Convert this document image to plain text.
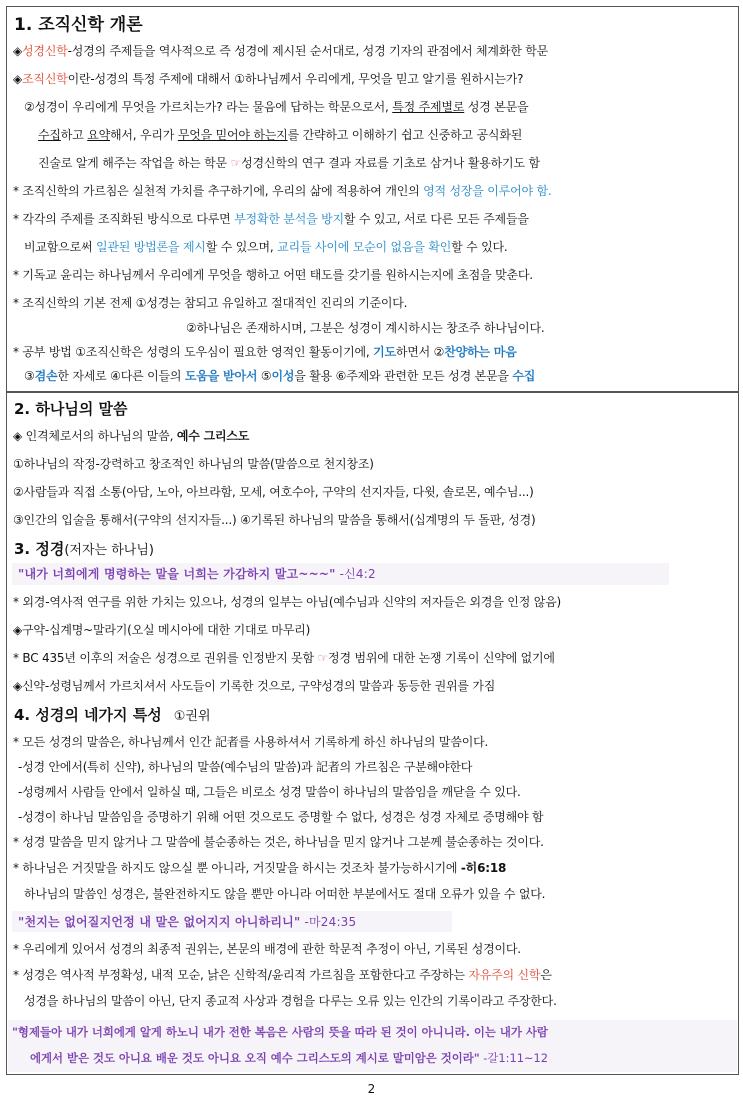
1. 조직신학 개론
◈성경신학-성경의 주제들을 역사적으로 즉 성경에 제시된 순서대로, 성경 기자의 관점에서 체계화한 학문
◈조직신학이란-성경의 특정 주제에 대해서 ①하나님께서 우리에게, 무엇을 믿고 알기를 원하시는가?
②성경이 우리에게 무엇을 가르치는가? 라는 물음에 답하는 학문으로서, 특정 주제별로 성경 본문을
수집하고 요약해서, 우리가 무엇을 믿어야 하는지를 간략하고 이해하기 쉽고 신중하고 공식화된
진술로 알게 해주는 작업을 하는 학문 ☞성경신학의 연구 결과 자료를 기초로 삼거나 활용하기도 함
* 조직신학의 가르침은 실천적 가치를 추구하기에, 우리의 삶에 적용하여 개인의 영적 성장을 이루어야 함.
* 각각의 주제를 조직화된 방식으로 다루면 부정확한 분석을 방지할 수 있고, 서로 다른 모든 주제들을
비교함으로써 일관된 방법론을 제시할 수 있으며, 교리들 사이에 모순이 없음을 확인할 수 있다.
* 기독교 윤리는 하나님께서 우리에게 무엇을 행하고 어떤 태도를 갖기를 원하시는지에 초점을 맞춘다.
* 조직신학의 기본 전제 ①성경는 참되고 유일하고 절대적인 진리의 기준이다.
②하나님은 존재하시며, 그분은 성경이 계시하시는 창조주 하나님이다.
* 공부 방법 ①조직신학은 성령의 도우심이 필요한 영적인 활동이기에, 기도하면서 ②찬양하는 마음
③겸손한 자세로 ④다른 이들의 도움을 받아서 ⑤이성을 활용 ⑥주제와 관련한 모든 성경 본문을 수집
2. 하나님의 말씀
◈ 인격체로서의 하나님의 말씀, 예수 그리스도
①하나님의 작정-강력하고 창조적인 하나님의 말씀(말씀으로 천지창조)
②사람들과 직접 소통(아담, 노아, 아브라함, 모세, 여호수아, 구약의 선지자들, 다윗, 솔로몬, 예수님...)
③인간의 입술을 통해서(구약의 선지자들...) ④기록된 하나님의 말씀을 통해서(십계명의 두 돌판, 성경)
3. 정경(저자는 하나님)
"내가 너희에게 명령하는 말을 너희는 가감하지 말고~~~" -신4:2
* 외경-역사적 연구를 위한 가치는 있으나, 성경의 일부는 아님(예수님과 신약의 저자들은 외경을 인정 않음)
◈구약-십계명~말라기(오실 메시아에 대한 기대로 마무리)
* BC 435년 이후의 저술은 성경으로 권위를 인정받지 못함 ☞정경 범위에 대한 논쟁 기록이 신약에 없기에
◈신약-성령님께서 가르치셔서 사도들이 기록한 것으로, 구약성경의 말씀과 동등한 권위를 가짐
4. 성경의 네가지 특성 ①권위
* 모든 성경의 말씀은, 하나님께서 인간 記者를 사용하셔서 기록하게 하신 하나님의 말씀이다.
-성경 안에서(특히 신약), 하나님의 말씀(예수님의 말씀)과 記者의 가르침은 구분해야한다
-성령께서 사람들 안에서 일하실 때, 그들은 비로소 성경 말씀이 하나님의 말씀임을 깨닫을 수 있다.
-성경이 하나님 말씀임을 증명하기 위해 어떤 것으로도 증명할 수 없다, 성경은 성경 자체로 증명해야 함
* 성경 말씀을 믿지 않거나 그 말씀에 불순종하는 것은, 하나님을 믿지 않거나 그분께 불순종하는 것이다.
* 하나님은 거짓말을 하지도 않으실 뿐 아니라, 거짓말을 하시는 것조차 불가능하시기에 -히6:18
하나님의 말씀인 성경은, 불완전하지도 않을 뿐만 아니라 어떠한 부분에서도 절대 오류가 있을 수 없다.
"천지는 없어질지언정 내 말은 없어지지 아니하리니" -마24:35
* 우리에게 있어서 성경의 최종적 권위는, 본문의 배경에 관한 학문적 추정이 아닌, 기록된 성경이다.
* 성경은 역사적 부정확성, 내적 모순, 낡은 신학적/윤리적 가르침을 포함한다고 주장하는 자유주의 신학은
성경을 하나님의 말씀이 아닌, 단지 종교적 사상과 경험을 다루는 오류 있는 인간의 기록이라고 주장한다.
"형제들아 내가 너희에게 알게 하노니 내가 전한 복음은 사람의 뜻을 따라 된 것이 아니니라. 이는 내가 사람
에게서 받은 것도 아니요 배운 것도 아니요 오직 예수 그리스도의 계시로 말미암은 것이라" -갈1:11~12
2
